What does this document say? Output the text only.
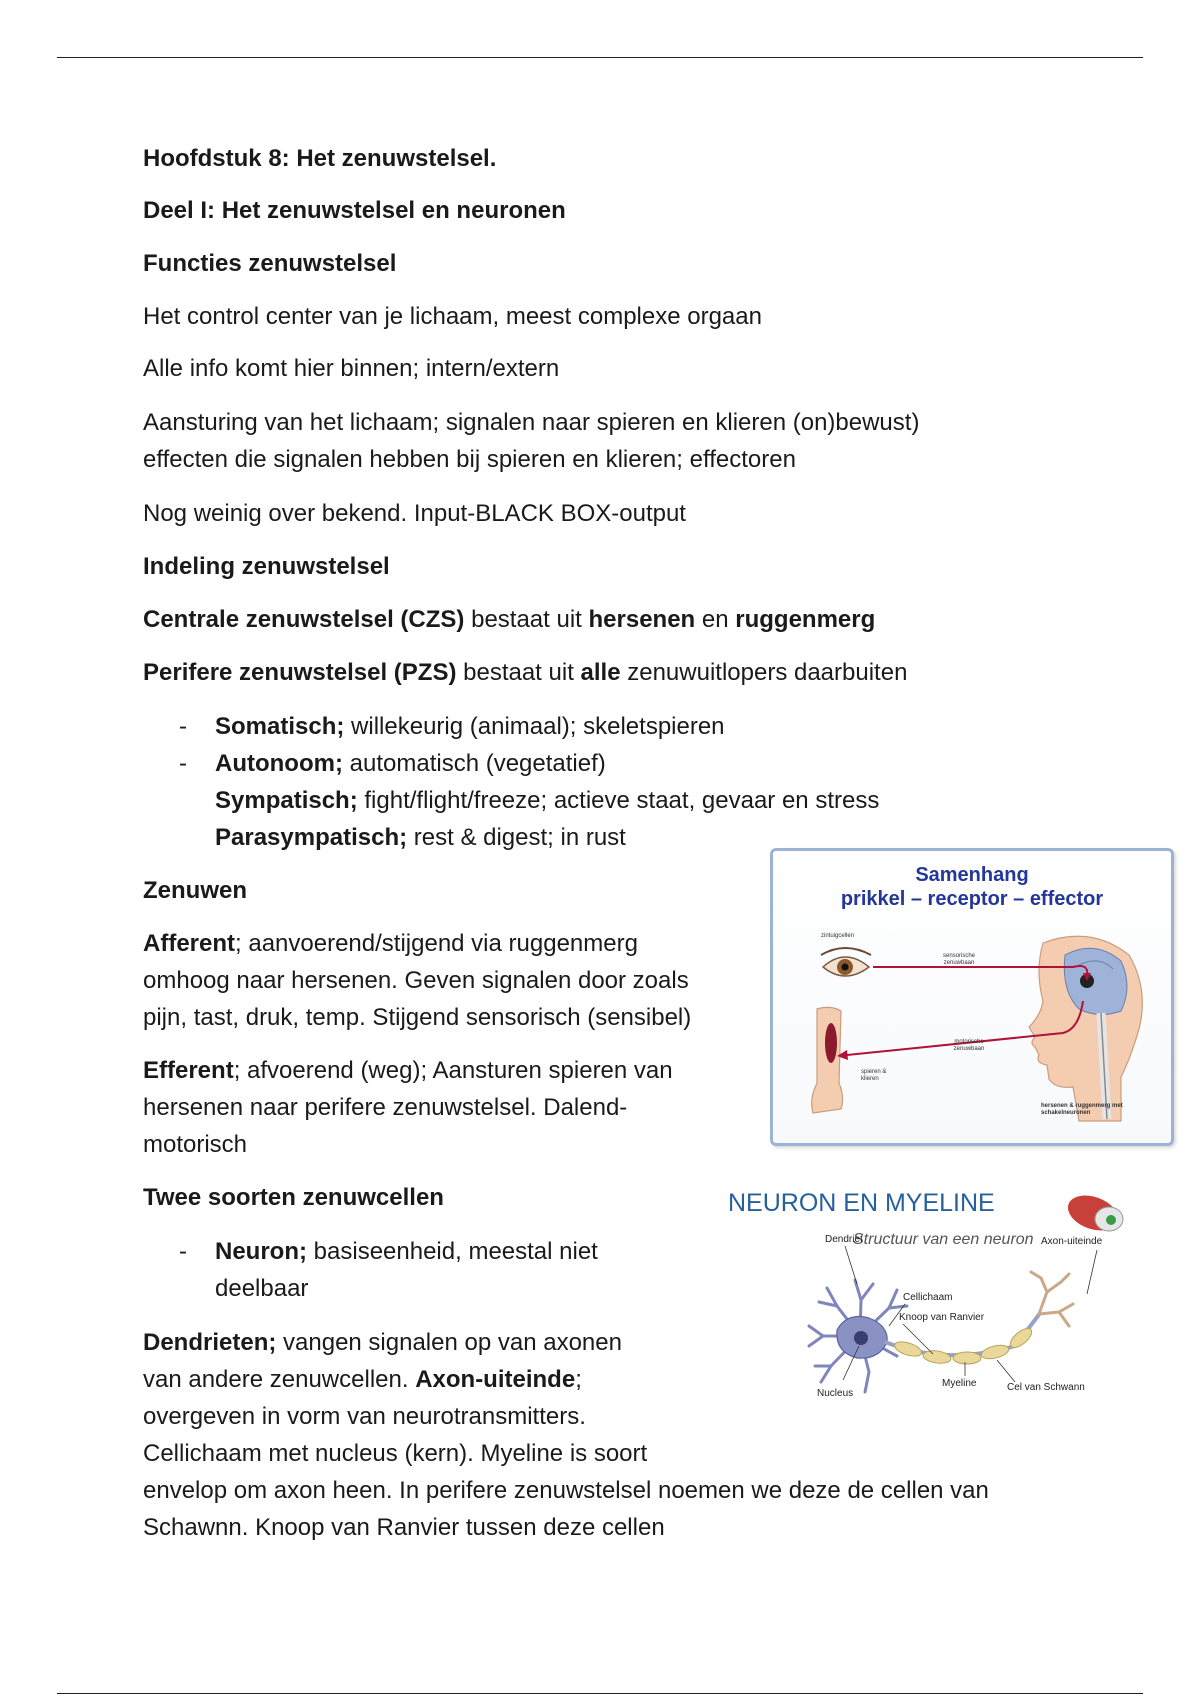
Hoofdstuk 8: Het zenuwstelsel.
Deel I: Het zenuwstelsel en neuronen
Functies zenuwstelsel
Het control center van je lichaam, meest complexe orgaan
Alle info komt hier binnen; intern/extern
Aansturing van het lichaam; signalen naar spieren en klieren (on)bewust)
effecten die signalen hebben bij spieren en klieren; effectoren
Nog weinig over bekend. Input-BLACK BOX-output
Indeling zenuwstelsel
Centrale zenuwstelsel (CZS) bestaat uit hersenen en ruggenmerg
Perifere zenuwstelsel (PZS) bestaat uit alle zenuwuitlopers daarbuiten
- Somatisch; willekeurig (animaal); skeletspieren
- Autonoom; automatisch (vegetatief)
Sympatisch; fight/flight/freeze; actieve staat, gevaar en stress
Parasympatisch; rest & digest; in rust
Zenuwen
Afferent; aanvoerend/stijgend via ruggenmerg
omhoog naar hersenen. Geven signalen door zoals
pijn, tast, druk, temp. Stijgend sensorisch (sensibel)
Efferent; afvoerend (weg); Aansturen spieren van
hersenen naar perifere zenuwstelsel. Dalend-
motorisch
Twee soorten zenuwcellen
- Neuron; basiseenheid, meestal niet
deelbaar
Dendrieten; vangen signalen op van axonen
van andere zenuwcellen. Axon-uiteinde;
overgeven in vorm van neurotransmitters.
Cellichaam met nucleus (kern). Myeline is soort
envelop om axon heen. In perifere zenuwstelsel noemen we deze de cellen van
Schawnn. Knoop van Ranvier tussen deze cellen
Samenhang
prikkel – receptor – effector
zintuigcellen
sensorische zenuwbaan
motorische zenuwbaan
spieren & klieren
hersenen & ruggenmerg met schakelneuronen
NEURON EN MYELINE
Structuur van een neuron
Dendriet	Axon-uiteinde
Cellichaam
Knoop van Ranvier
Cel van Schwann
Myeline
Nucleus
